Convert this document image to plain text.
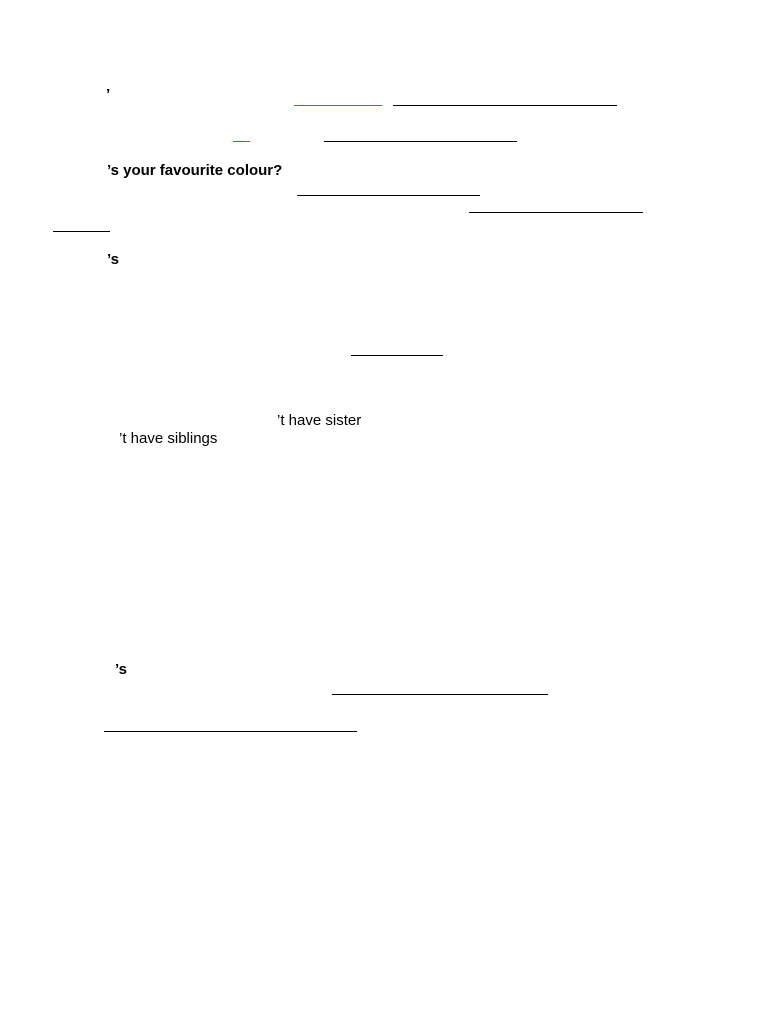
’
’s your favourite colour?
’s
’t have sister
’t have siblings
’s
